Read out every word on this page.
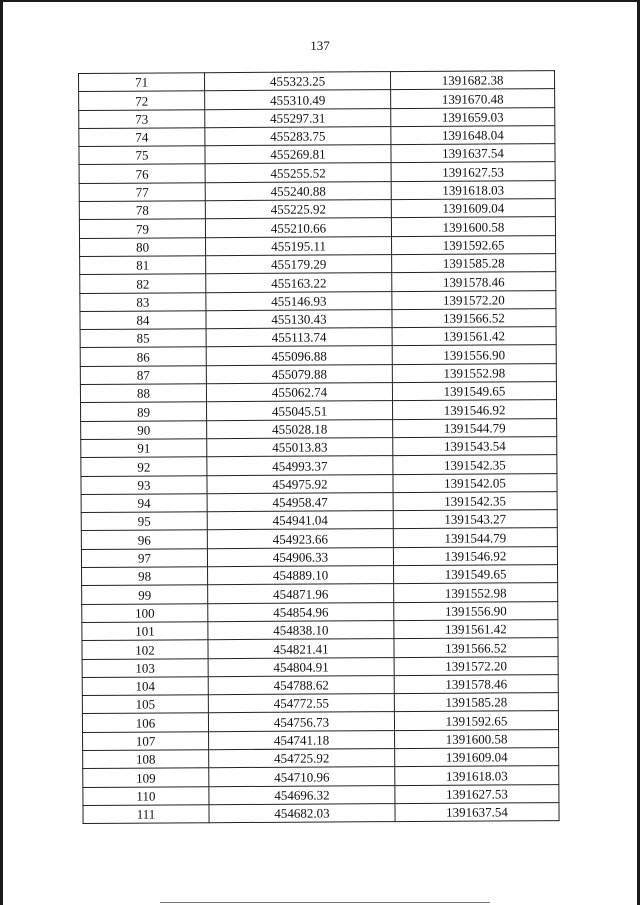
137
71	455323.25	1391682.38
72	455310.49	1391670.48
73	455297.31	1391659.03
74	455283.75	1391648.04
75	455269.81	1391637.54
76	455255.52	1391627.53
77	455240.88	1391618.03
78	455225.92	1391609.04
79	455210.66	1391600.58
80	455195.11	1391592.65
81	455179.29	1391585.28
82	455163.22	1391578.46
83	455146.93	1391572.20
84	455130.43	1391566.52
85	455113.74	1391561.42
86	455096.88	1391556.90
87	455079.88	1391552.98
88	455062.74	1391549.65
89	455045.51	1391546.92
90	455028.18	1391544.79
91	455013.83	1391543.54
92	454993.37	1391542.35
93	454975.92	1391542.05
94	454958.47	1391542.35
95	454941.04	1391543.27
96	454923.66	1391544.79
97	454906.33	1391546.92
98	454889.10	1391549.65
99	454871.96	1391552.98
100	454854.96	1391556.90
101	454838.10	1391561.42
102	454821.41	1391566.52
103	454804.91	1391572.20
104	454788.62	1391578.46
105	454772.55	1391585.28
106	454756.73	1391592.65
107	454741.18	1391600.58
108	454725.92	1391609.04
109	454710.96	1391618.03
110	454696.32	1391627.53
111	454682.03	1391637.54
